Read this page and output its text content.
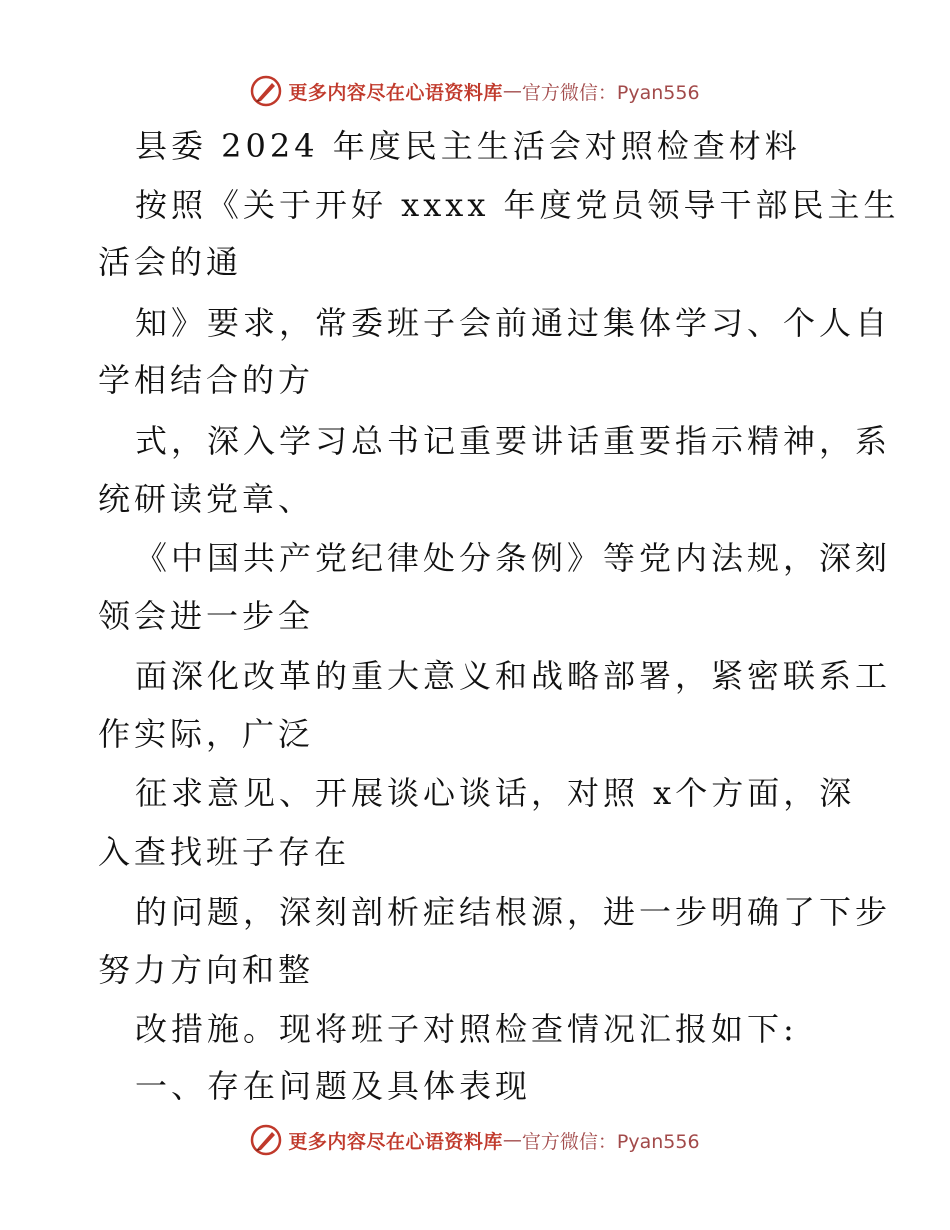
更多内容尽在心语资料库 — 官方微信：Pyan556
县委 2024 年度民主生活会对照检查材料
按照《关于开好 xxxx 年度党员领导干部民主生
活会的通
知》要求，常委班子会前通过集体学习、个人自
学相结合的方
式，深入学习总书记重要讲话重要指示精神，系
统研读党章、
《中国共产党纪律处分条例》等党内法规，深刻
领会进一步全
面深化改革的重大意义和战略部署，紧密联系工
作实际，广泛
征求意见、开展谈心谈话，对照 x个方面，深
入查找班子存在
的问题，深刻剖析症结根源，进一步明确了下步
努力方向和整
改措施。现将班子对照检查情况汇报如下:
一、存在问题及具体表现
更多内容尽在心语资料库 — 官方微信：Pyan556
